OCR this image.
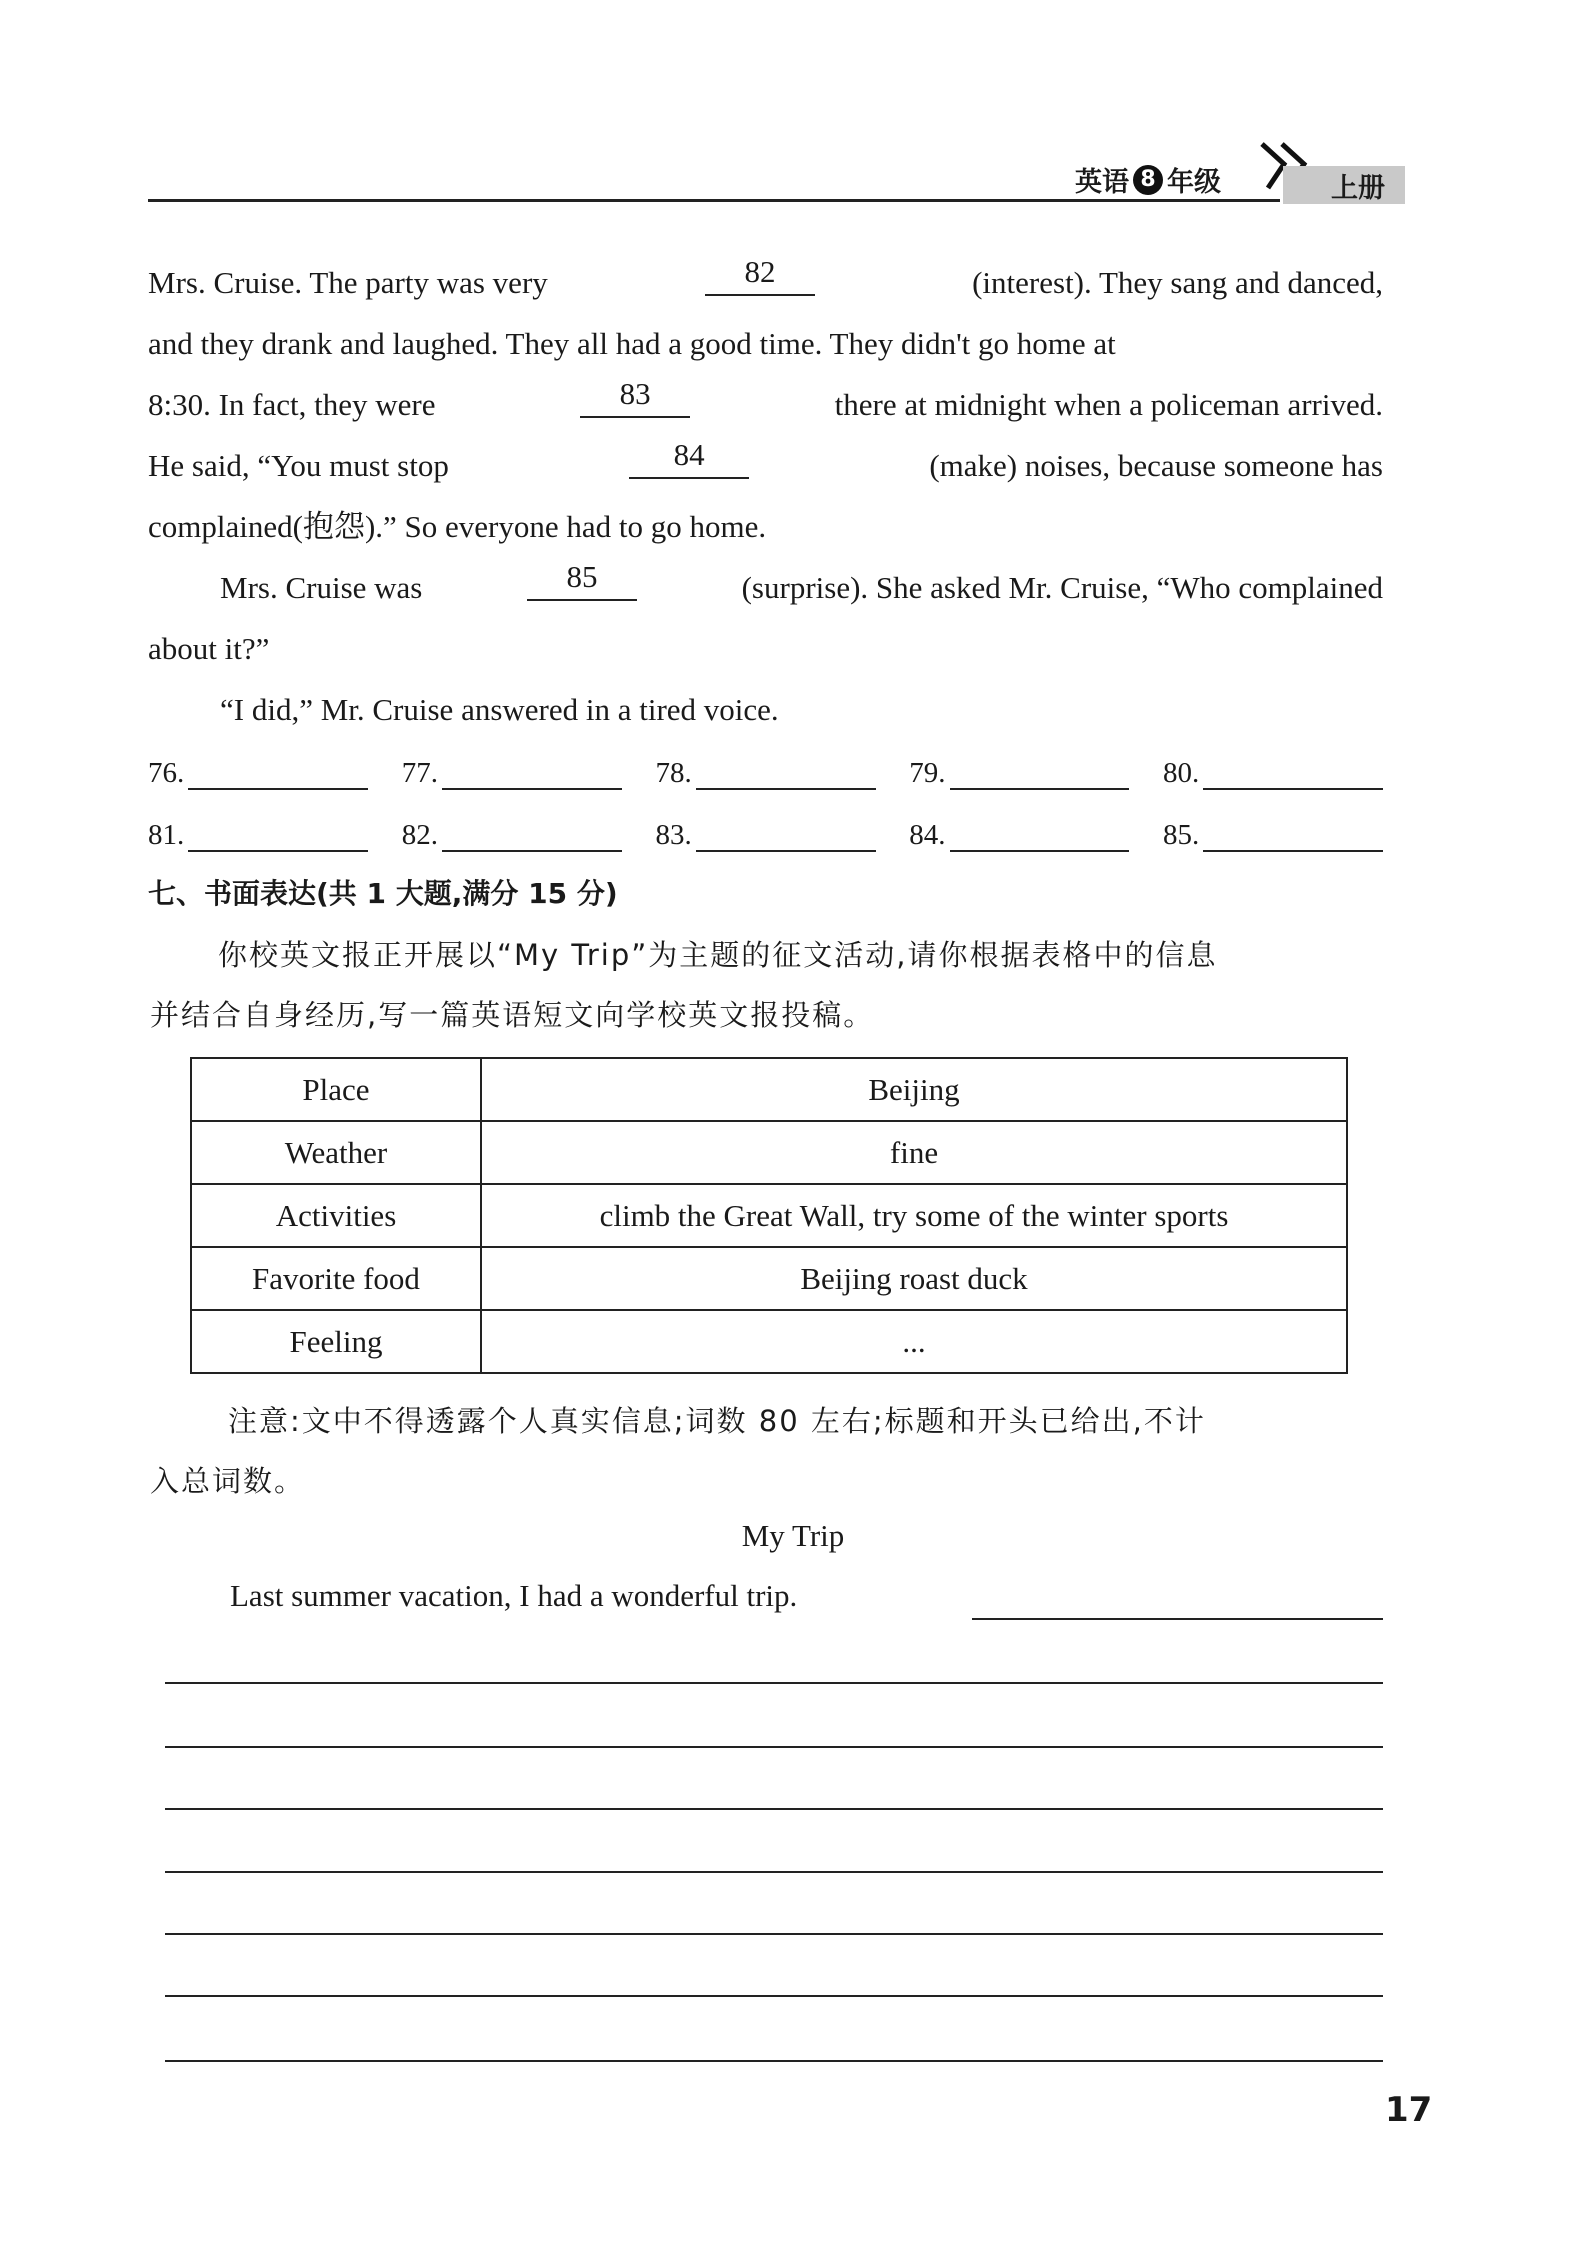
英语 8 年级	上册
Mrs. Cruise. The party was very	82	(interest). They sang and danced,
and they drank and laughed. They all had a good time. They didn't go home at
8:30. In fact, they were	83	there at midnight when a policeman arrived.
He said, “You must stop	84	(make) noises, because someone has
complained(抱怨).” So everyone had to go home.
Mrs. Cruise was	85	(surprise). She asked Mr. Cruise, “Who complained
about it?”
“I did,” Mr. Cruise answered in a tired voice.
76.	77.	78.	79.	80.
81.	82.	83.	84.	85.
七、书面表达(共 1 大题,满分 15 分)
你校英文报正开展以“My Trip”为主题的征文活动,请你根据表格中的信息
并结合自身经历,写一篇英语短文向学校英文报投稿。
Place	Beijing
Weather	fine
Activities	climb the Great Wall, try some of the winter sports
Favorite food	Beijing roast duck
Feeling	...
注意:文中不得透露个人真实信息;词数 80 左右;标题和开头已给出,不计
入总词数。
My Trip
Last summer vacation, I had a wonderful trip.
17
